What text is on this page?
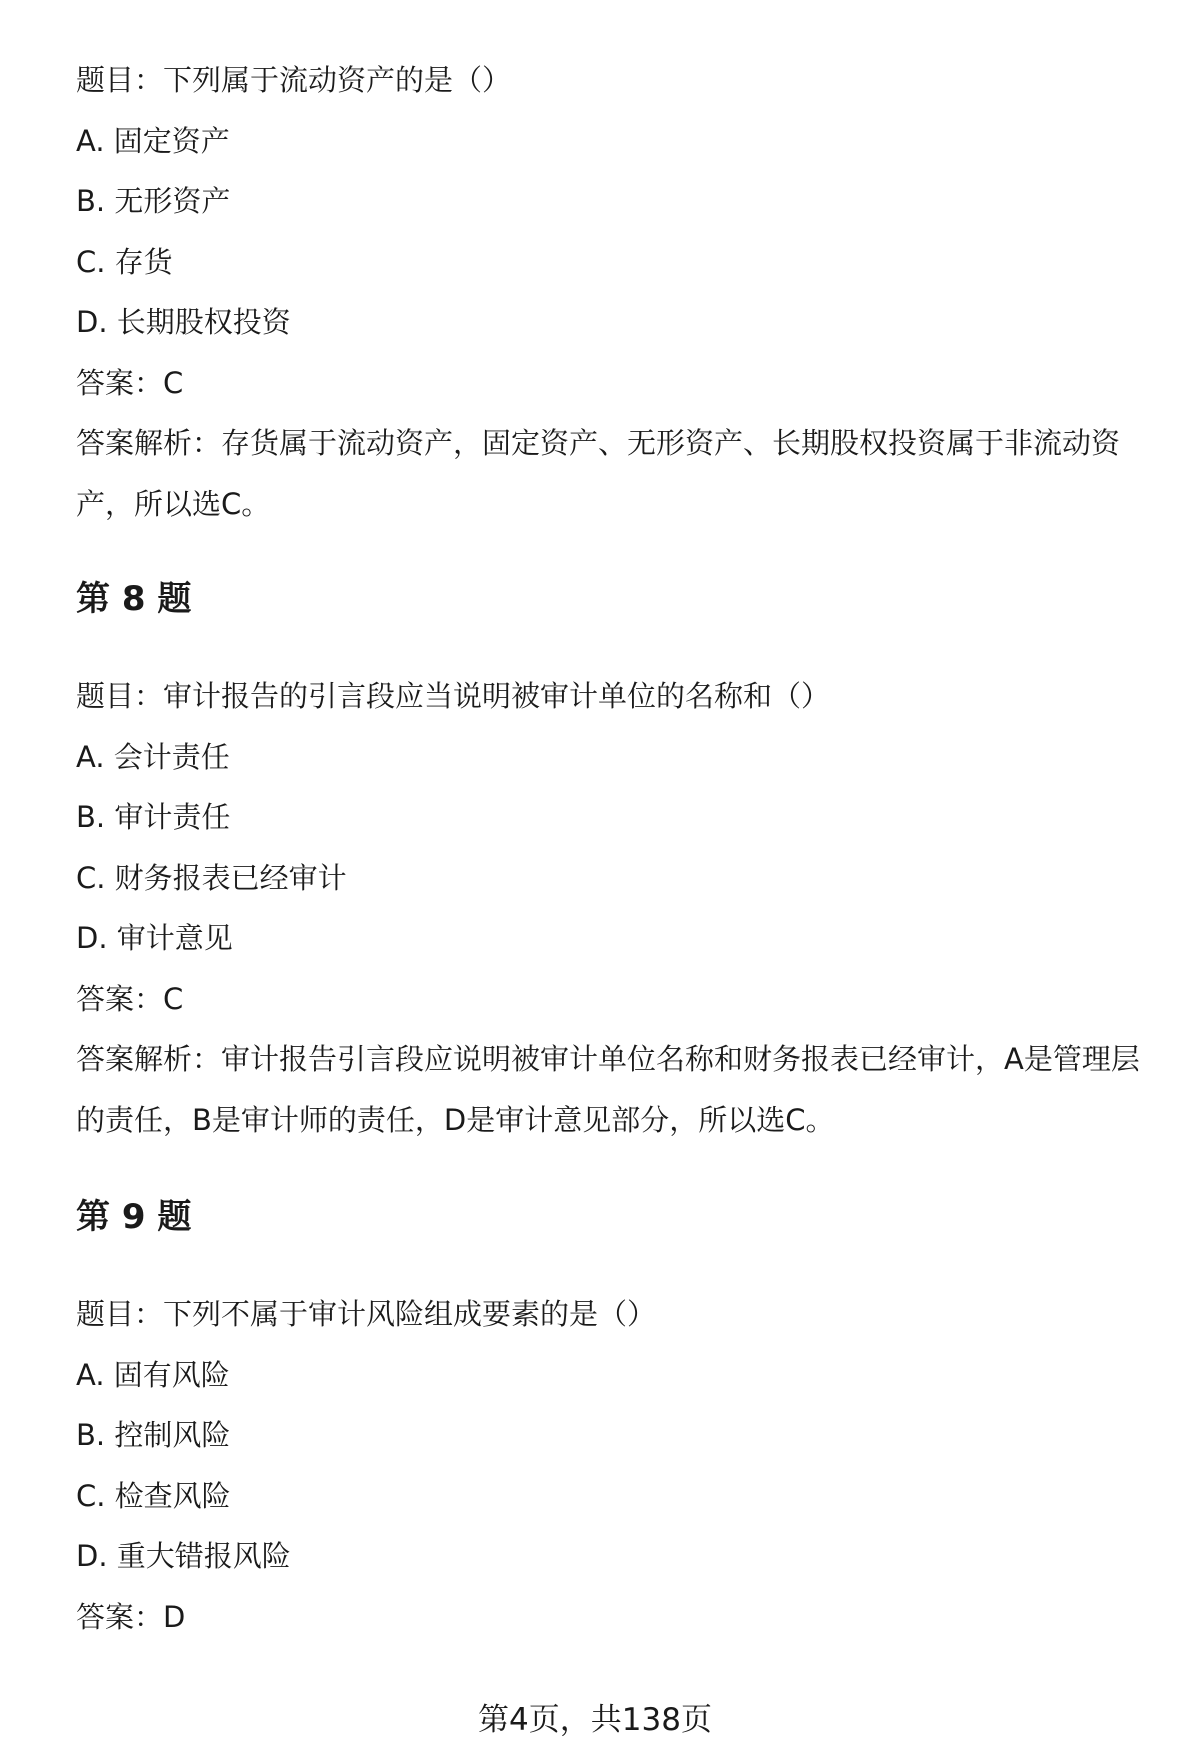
题目：下列属于流动资产的是（）
A. 固定资产
B. 无形资产
C. 存货
D. 长期股权投资
答案：C
答案解析：存货属于流动资产，固定资产、无形资产、长期股权投资属于非流动资产，所以选C。
第 8 题
题目：审计报告的引言段应当说明被审计单位的名称和（）
A. 会计责任
B. 审计责任
C. 财务报表已经审计
D. 审计意见
答案：C
答案解析：审计报告引言段应说明被审计单位名称和财务报表已经审计，A是管理层的责任，B是审计师的责任，D是审计意见部分，所以选C。
第 9 题
题目：下列不属于审计风险组成要素的是（）
A. 固有风险
B. 控制风险
C. 检查风险
D. 重大错报风险
答案：D
第4页，共138页
